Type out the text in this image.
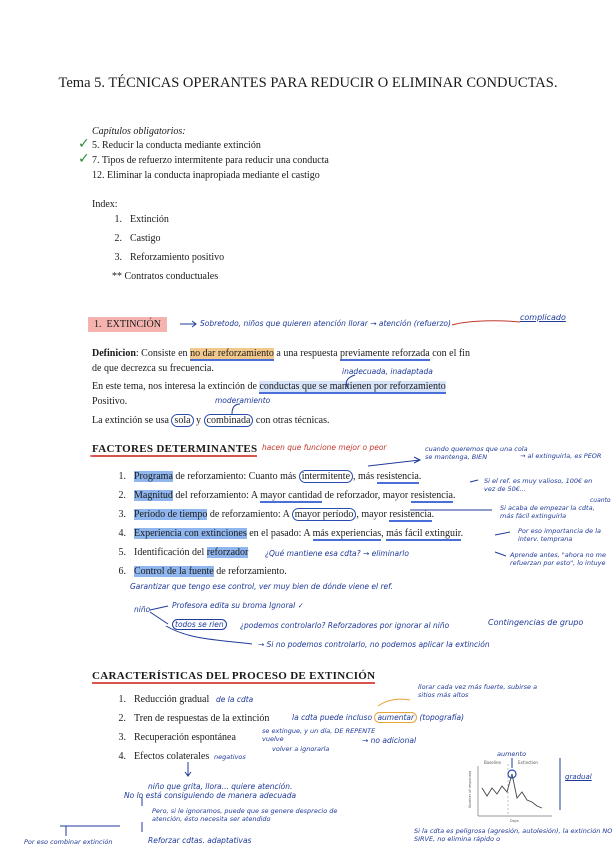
Tema 5. TÉCNICAS OPERANTES PARA REDUCIR O ELIMINAR CONDUCTAS.
Capítulos obligatorios:
✓ 5. Reducir la conducta mediante extinción
✓ 7. Tipos de refuerzo intermitente para reducir una conducta
12. Eliminar la conducta inapropiada mediante el castigo
Index:
1. Extinción
2. Castigo
3. Reforzamiento positivo
** Contratos conductuales
1. EXTINCIÓN	Sobretodo, niños que quieren atención llorar → atención (refuerzo)
complicado
Definicion: Consiste en no dar reforzamiento a una respuesta previamente reforzada con el fin
de que decrezca su frecuencia.	inadecuada, inadaptada
En este tema, nos interesa la extinción de conductas que se mantienen por reforzamiento
Positivo.	moderamiento
La extinción se usa sola y combinada con otras técnicas.
FACTORES DETERMINANTES hacen que funcione mejor o peor	cuando queremos que una cola se mantenga, BIEN	→ al extinguirla, es PEOR
1. Programa de reforzamiento: Cuanto más intermitente , más resistencia.	Si el ref. es muy valioso, 100€ en vez de 50€...
2. Magnitud del reforzamiento: A mayor cantidad de reforzador, mayor resistencia.	cuanto
3. Período de tiempo de reforzamiento: A mayor período , mayor resistencia.
Si acaba de empezar la cdta, más fácil extinguirla
Por eso importancia de la interv. temprana
4. Experiencia con extinciones en el pasado: A más experiencias, más fácil extinguir.
Aprende antes, "ahora no me refuerzan por esto", lo intuye
5. Identificación del reforzador ¿Qué mantiene esa cdta? → eliminarlo
6. Control de la fuente de reforzamiento.
Garantizar que tengo ese control, ver muy bien de dónde viene el ref.
niño	Profesora edita su broma Ignoral ✓
todos se rien	¿podemos controlarlo? Reforzadores por ignorar al niño	Contingencias de grupo
→ Si no podemos controlarlo, no podemos aplicar la extinción
CARACTERÍSTICAS DEL PROCESO DE EXTINCIÓN
llorar cada vez más fuerte, subirse a sitios más altos
1. Reducción gradual de la cdta
2. Tren de respuestas de la extinción	la cdta puede incluso aumentar (topografía)
3. Recuperación espontánea
se extingue, y un día, DE REPENTE vuelve
volver a ignorarla
→ no adicional
4. Efectos colaterales negativos
niño que grita, llora... quiere atención.
No lo está consiguiendo de manera adecuada
Pero, si le ignoramos, puede que se genere desprecio de atención, ésto necesita ser atendido
Reforzar cdtas. adaptativas
Por eso combinar extinción
Si la cdta es peligrosa (agresión, autolesión), la extinción NO SIRVE, no elimina rápido o
aumento
gradual
Baseline	Extinction
Number of responses
Days
